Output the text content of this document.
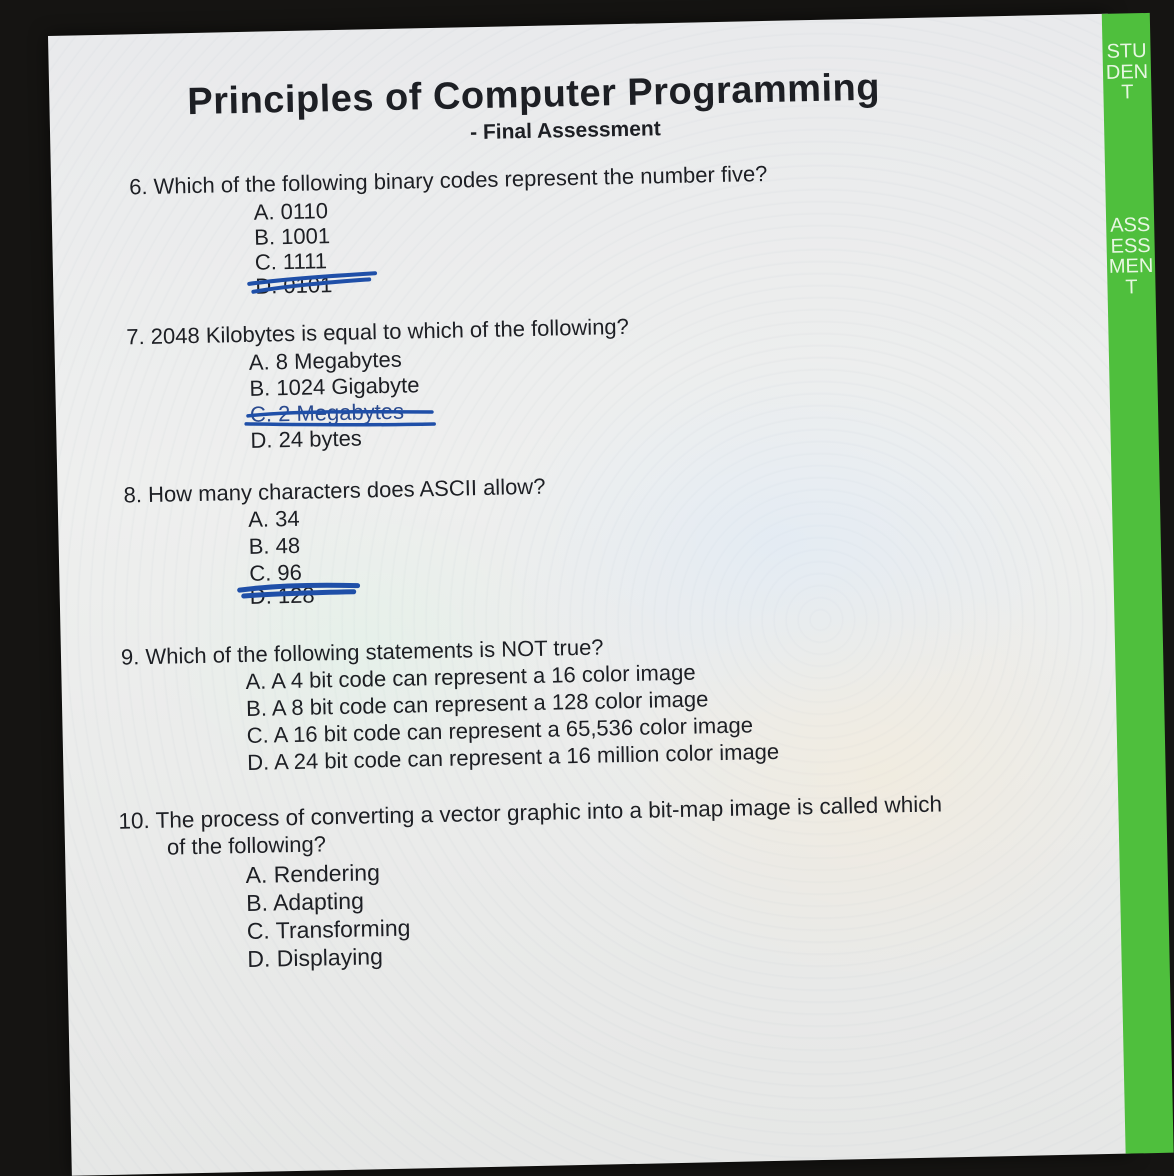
STUDENT
ASSESSMENT
Principles of Computer Programming
- Final Assessment
6. Which of the following binary codes represent the number five?
A. 0110
B. 1001
C. 1111
D. 0101
7. 2048 Kilobytes is equal to which of the following?
A. 8 Megabytes
B. 1024 Gigabyte
C. 2 Megabytes
D. 24 bytes
8. How many characters does ASCII allow?
A. 34
B. 48
C. 96
D. 128
9. Which of the following statements is NOT true?
A. A 4 bit code can represent a 16 color image
B. A 8 bit code can represent a 128 color image
C. A 16 bit code can represent a 65,536 color image
D. A 24 bit code can represent a 16 million color image
10. The process of converting a vector graphic into a bit-map image is called which
of the following?
A. Rendering
B. Adapting
C. Transforming
D. Displaying
